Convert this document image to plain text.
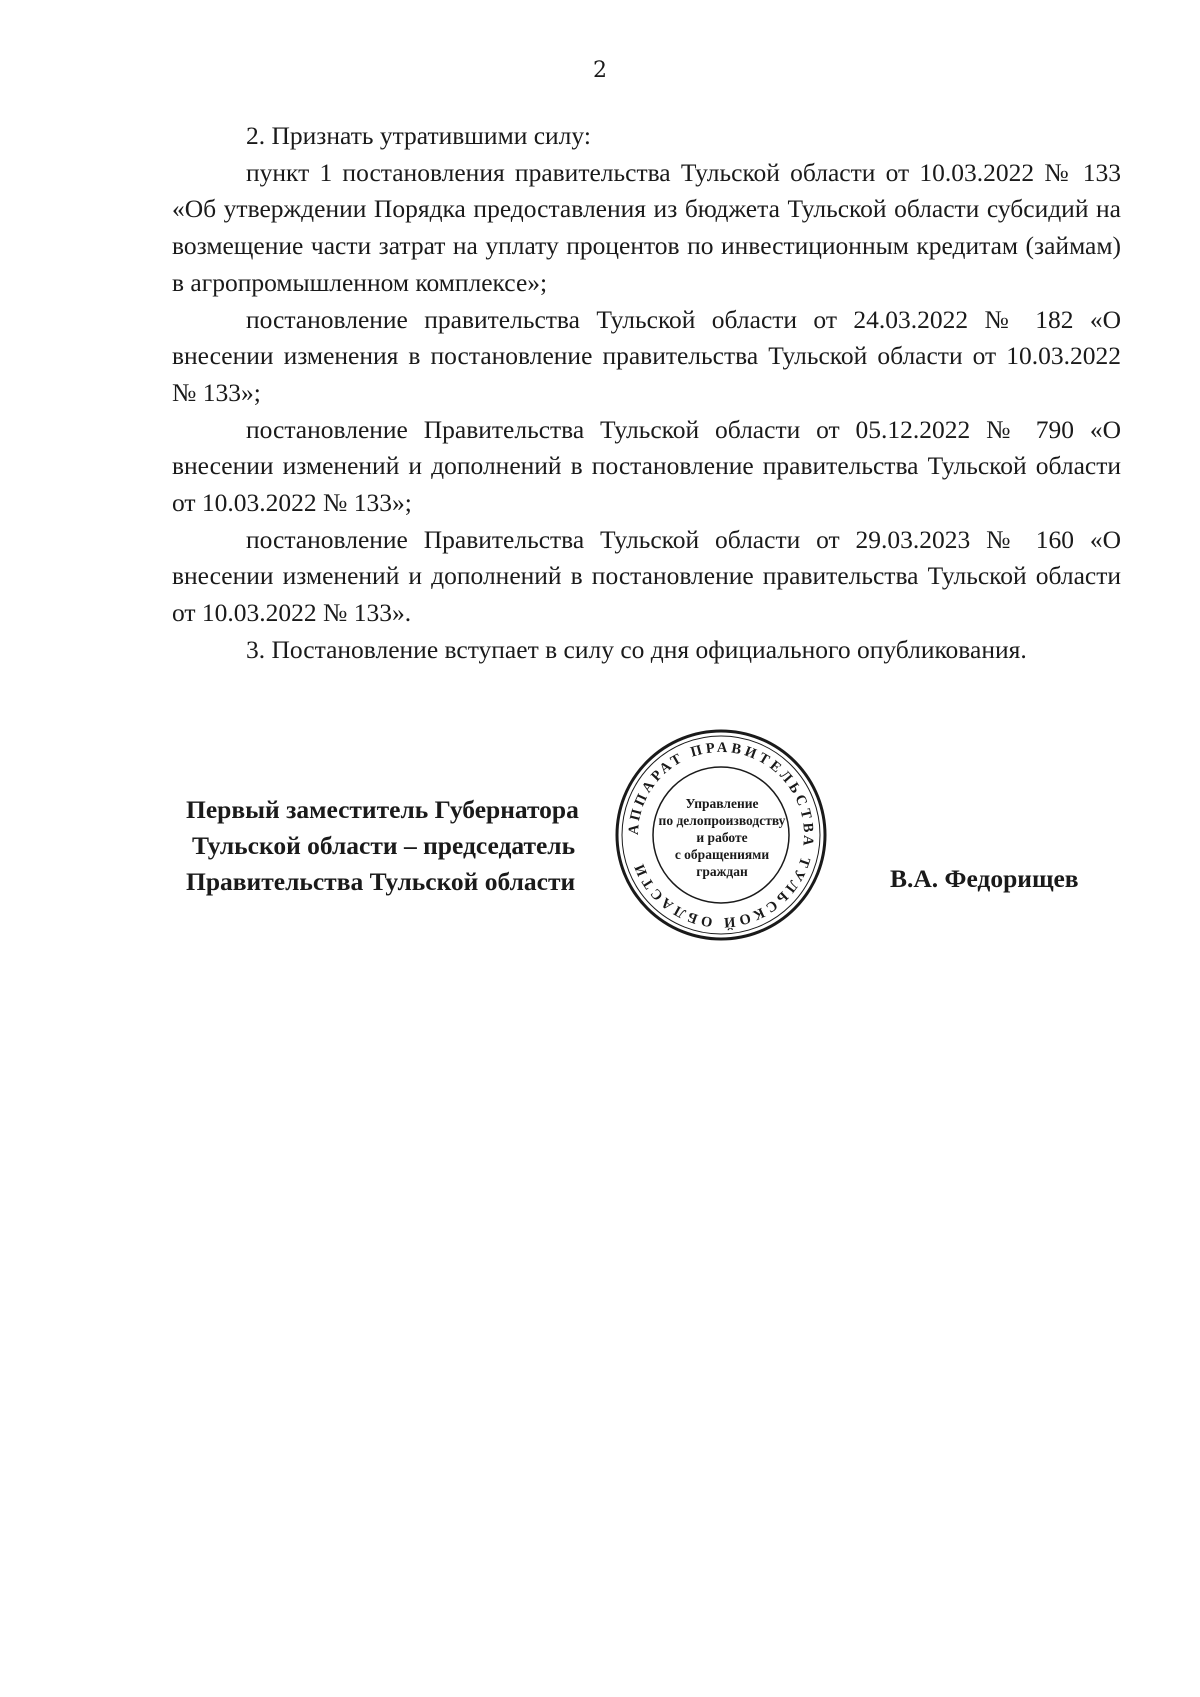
2

2. Признать утратившими силу:

пункт 1 постановления правительства Тульской области от 10.03.2022 № 133 «Об утверждении Порядка предоставления из бюджета Тульской области субсидий на возмещение части затрат на уплату процентов по инвестиционным кредитам (займам) в агропромышленном комплексе»;

постановление правительства Тульской области от 24.03.2022 № 182 «О внесении изменения в постановление правительства Тульской области от 10.03.2022 № 133»;

постановление Правительства Тульской области от 05.12.2022 № 790 «О внесении изменений и дополнений в постановление правительства Тульской области от 10.03.2022 № 133»;

постановление Правительства Тульской области от 29.03.2023 № 160 «О внесении изменений и дополнений в постановление правительства Тульской области от 10.03.2022 № 133».

3. Постановление вступает в силу со дня официального опубликования.

Первый заместитель Губернатора
Тульской области – председатель
Правительства Тульской области
АППАРАТ ПРАВИТЕЛЬСТВА ТУЛЬСКОЙ ОБЛАСТИ
Управление
по делопроизводству
и работе
с обращениями
граждан	В.А. Федорищев
